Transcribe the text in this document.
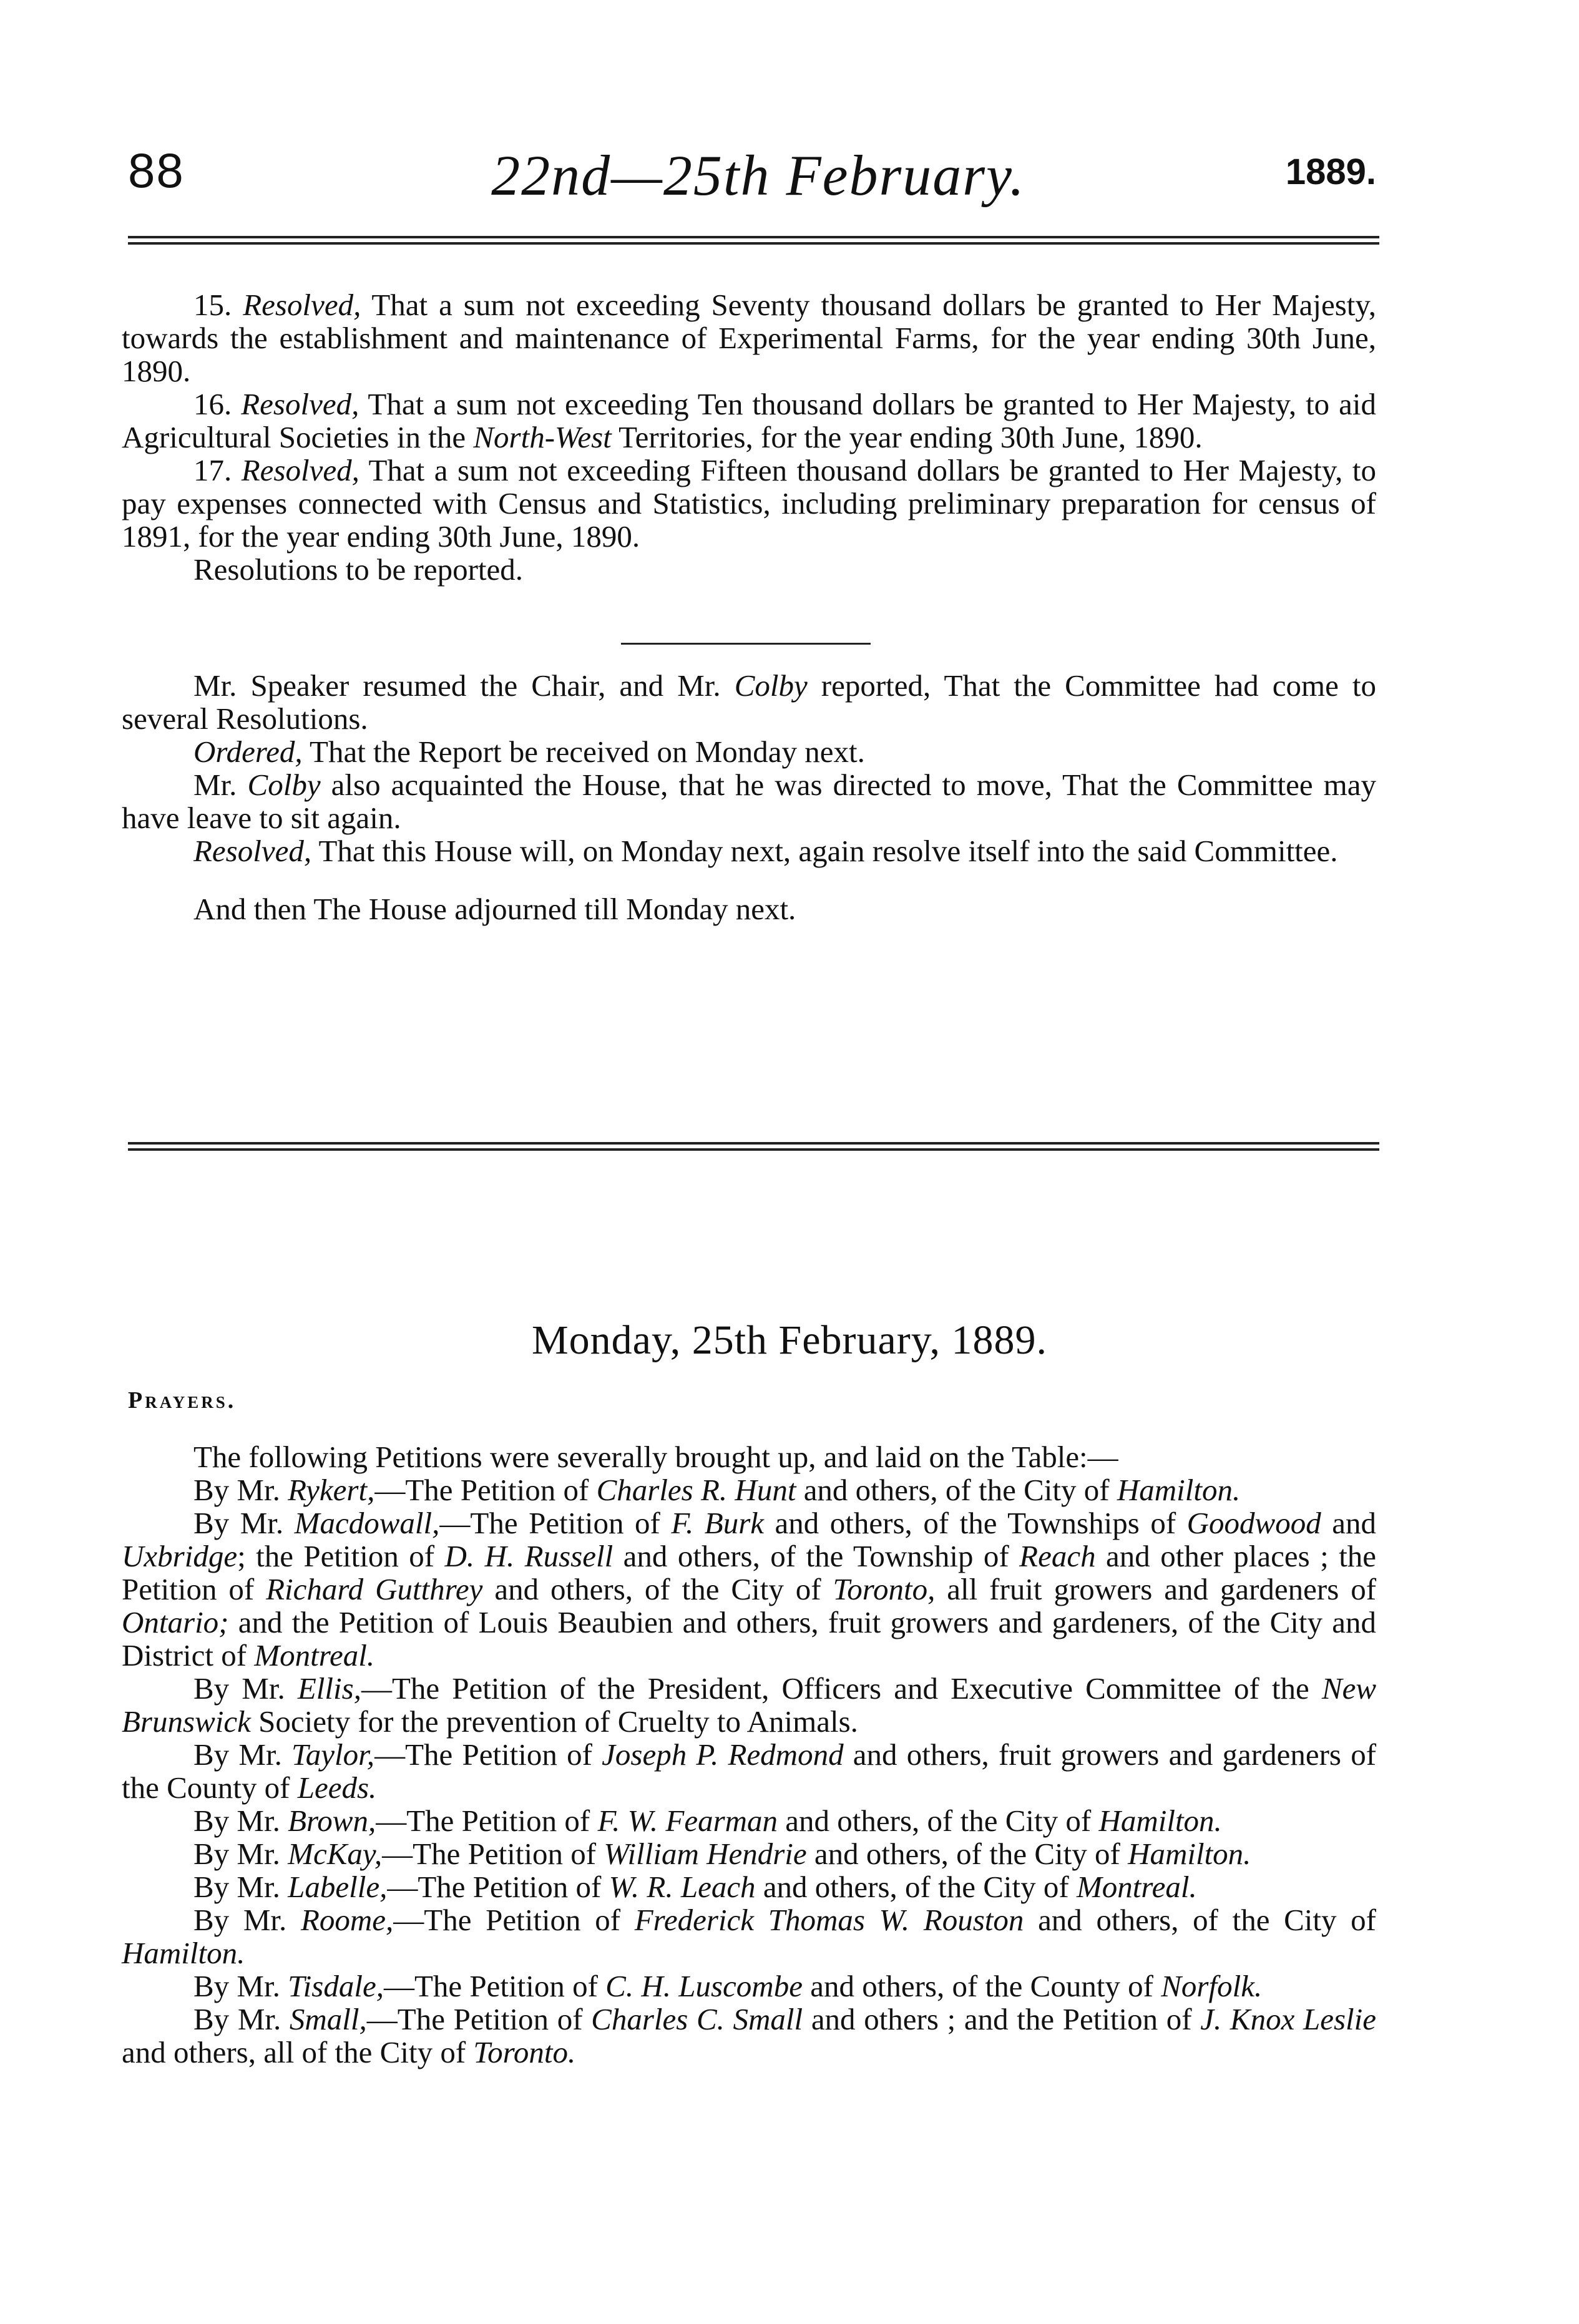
88	22nd—25th February.	1889.

15. Resolved, That a sum not exceeding Seventy thousand dollars be granted to Her Majesty, towards the establishment and maintenance of Experimental Farms, for the year ending 30th June, 1890.

16. Resolved, That a sum not exceeding Ten thousand dollars be granted to Her Majesty, to aid Agricultural Societies in the North-West Territories, for the year ending 30th June, 1890.

17. Resolved, That a sum not exceeding Fifteen thousand dollars be granted to Her Majesty, to pay expenses connected with Census and Statistics, including preliminary preparation for census of 1891, for the year ending 30th June, 1890.

Resolutions to be reported.

Mr. Speaker resumed the Chair, and Mr. Colby reported, That the Committee had come to several Resolutions.

Ordered, That the Report be received on Monday next.

Mr. Colby also acquainted the House, that he was directed to move, That the Committee may have leave to sit again.

Resolved, That this House will, on Monday next, again resolve itself into the said Committee.

And then The House adjourned till Monday next.

Monday, 25th February, 1889.
Prayers.

The following Petitions were severally brought up, and laid on the Table:—

By Mr. Rykert,—The Petition of Charles R. Hunt and others, of the City of Hamilton.

By Mr. Macdowall,—The Petition of F. Burk and others, of the Townships of Goodwood and Uxbridge; the Petition of D. H. Russell and others, of the Township of Reach and other places ; the Petition of Richard Gutthrey and others, of the City of Toronto, all fruit growers and gardeners of Ontario; and the Petition of Louis Beaubien and others, fruit growers and gardeners, of the City and District of Montreal.

By Mr. Ellis,—The Petition of the President, Officers and Executive Committee of the New Brunswick Society for the prevention of Cruelty to Animals.

By Mr. Taylor,—The Petition of Joseph P. Redmond and others, fruit growers and gardeners of the County of Leeds.

By Mr. Brown,—The Petition of F. W. Fearman and others, of the City of Hamilton.

By Mr. McKay,—The Petition of William Hendrie and others, of the City of Hamilton.

By Mr. Labelle,—The Petition of W. R. Leach and others, of the City of Montreal.

By Mr. Roome,—The Petition of Frederick Thomas W. Rouston and others, of the City of Hamilton.

By Mr. Tisdale,—The Petition of C. H. Luscombe and others, of the County of Norfolk.

By Mr. Small,—The Petition of Charles C. Small and others ; and the Petition of J. Knox Leslie and others, all of the City of Toronto.
